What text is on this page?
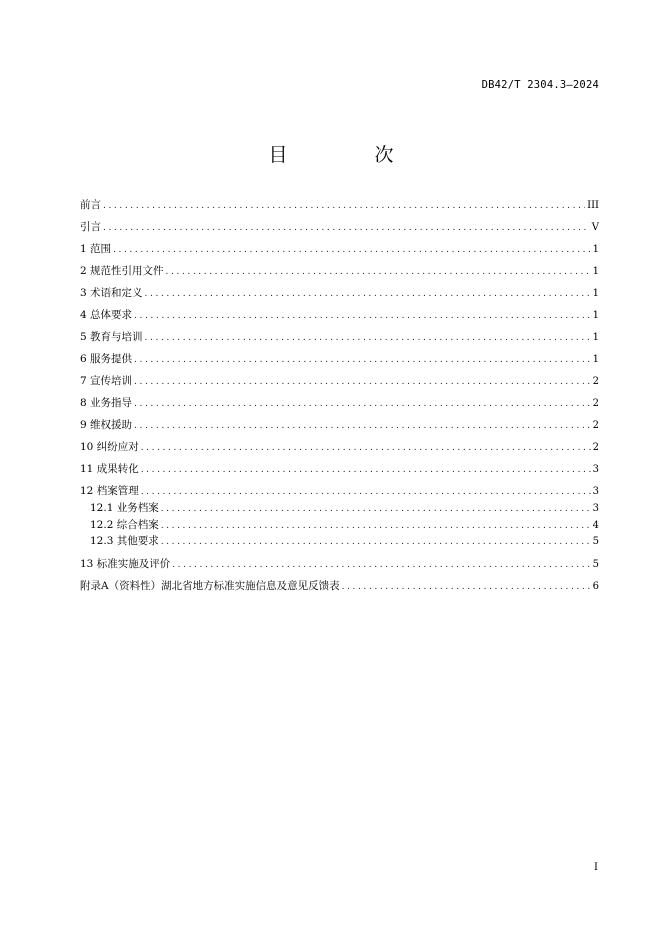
DB42/T 2304.3—2024
目　次
前言 .....	III
引言 .....	V
1 范围 .....	1
2 规范性引用文件 .....	1
3 术语和定义 .....	1
4 总体要求 .....	1
5 教育与培训 .....	1
6 服务提供 .....	1
7 宣传培训 .....	2
8 业务指导 .....	2
9 维权援助 .....	2
10 纠纷应对 .....	2
11 成果转化 .....	3
12 档案管理 .....	3
12.1 业务档案 .....	3
12.2 综合档案 .....	4
12.3 其他要求 .....	5
13 标准实施及评价 .....	5
附录A（资料性）湖北省地方标准实施信息及意见反馈表 .....	6
I
